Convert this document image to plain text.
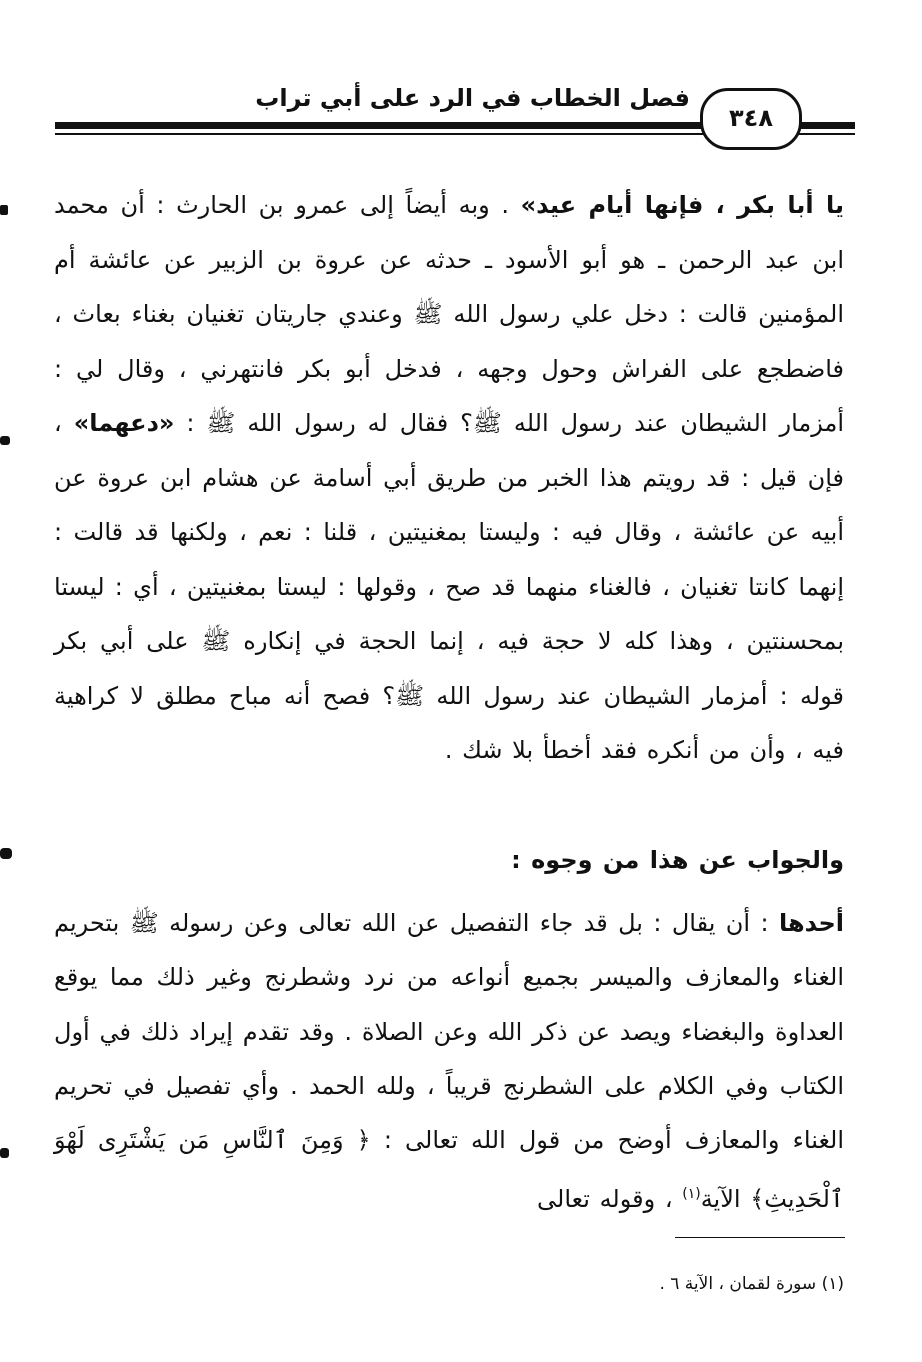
فصل الخطاب في الرد على أبي تراب
٣٤٨
يا أبا بكر ، فإنها أيام عيد» . وبه أيضاً إلى عمرو بن الحارث : أن محمد ابن عبد الرحمن ـ هو أبو الأسود ـ حدثه عن عروة بن الزبير عن عائشة أم المؤمنين قالت : دخل علي رسول الله ﷺ وعندي جاريتان تغنيان بغناء بعاث ، فاضطجع على الفراش وحول وجهه ، فدخل أبو بكر فانتهرني ، وقال لي : أمزمار الشيطان عند رسول الله ﷺ؟ فقال له رسول الله ﷺ : «دعهما» ، فإن قيل : قد رويتم هذا الخبر من طريق أبي أسامة عن هشام ابن عروة عن أبيه عن عائشة ، وقال فيه : وليستا بمغنيتين ، قلنا : نعم ، ولكنها قد قالت : إنهما كانتا تغنيان ، فالغناء منهما قد صح ، وقولها : ليستا بمغنيتين ، أي : ليستا بمحسنتين ، وهذا كله لا حجة فيه ، إنما الحجة في إنكاره ﷺ على أبي بكر قوله : أمزمار الشيطان عند رسول الله ﷺ؟ فصح أنه مباح مطلق لا كراهية فيه ، وأن من أنكره فقد أخطأ بلا شك .
والجواب عن هذا من وجوه :
أحدها : أن يقال : بل قد جاء التفصيل عن الله تعالى وعن رسوله ﷺ بتحريم الغناء والمعازف والميسر بجميع أنواعه من نرد وشطرنج وغير ذلك مما يوقع العداوة والبغضاء ويصد عن ذكر الله وعن الصلاة . وقد تقدم إيراد ذلك في أول الكتاب وفي الكلام على الشطرنج قريباً ، ولله الحمد . وأي تفصيل في تحريم الغناء والمعازف أوضح من قول الله تعالى : ﴿ وَمِنَ ٱلنَّاسِ مَن يَشْتَرِى لَهْوَ ٱلْحَدِيثِ﴾ الآية$^{(١)}$ ، وقوله تعالى
(١) سورة لقمان ، الآية ٦ .
